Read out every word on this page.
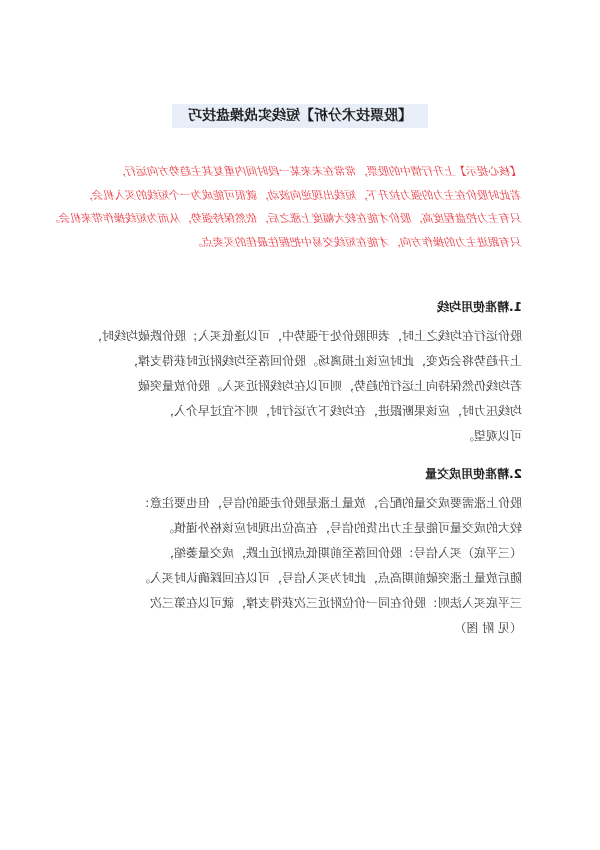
【股票技术分析】短线实战操盘技巧
【核心提示】上升行情中的股票，常常在未来某一段时间内重复其主趋势方向运行，
若此时股价在主力的强力拉升下，短线出现逆向波动，就很可能成为一个短线的买入机会，
只有主力控盘程度高，股价才能在较大幅度上涨之后，依然保持强势，从而为短线操作带来机会。
只有跟进主力的操作方向，才能在短线交易中把握住最佳的买卖点。
1.精准使用均线
股价运行在均线之上时，表明股价处于强势中，可以逢低买入；股价跌破均线时，
上升趋势将会改变，此时应该止损离场。股价回落至均线附近时获得支撑，
若均线仍然保持向上运行的趋势，则可以在均线附近买入。股价放量突破
均线压力时，应该果断跟进，在均线下方运行时，则不宜过早介入，
可以观望。
2.精准使用成交量
股价上涨需要成交量的配合，放量上涨是股价走强的信号，但也要注意：
较大的成交量可能是主力出货的信号，在高位出现时应该格外谨慎。
（三平底）买入信号：股价回落至前期低点附近止跌，成交量萎缩，
随后放量上涨突破前期高点，此时为买入信号，可以在回踩确认时买入。
三平底买入法则：股价在同一价位附近三次获得支撑，就可以在第三次
（见 附 图）
